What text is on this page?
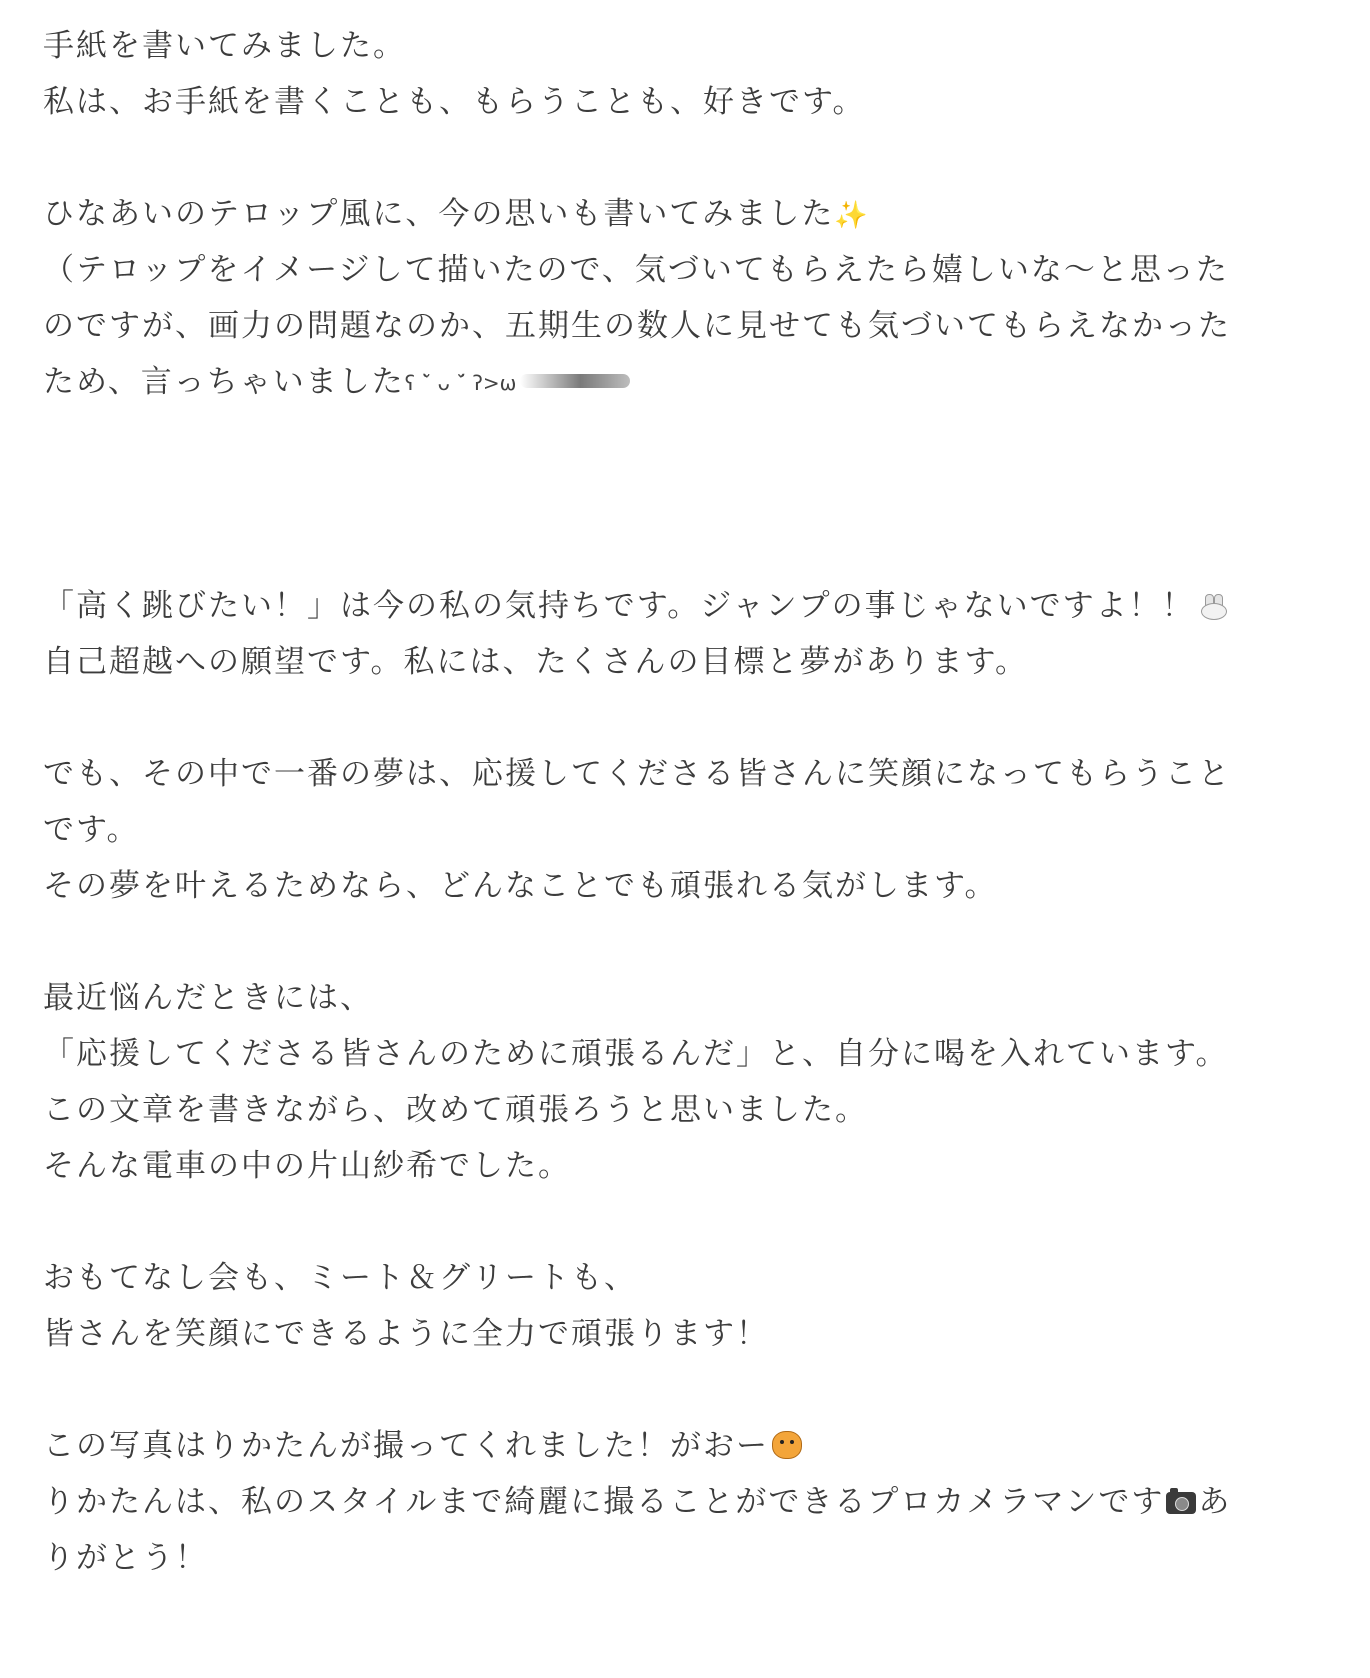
手紙を書いてみました。
私は、お手紙を書くことも、もらうことも、好きです。
ひなあいのテロップ風に、今の思いも書いてみました✨
（テロップをイメージして描いたので、気づいてもらえたら嬉しいな〜と思った
のですが、画力の問題なのか、五期生の数人に見せても気づいてもらえなかった
ため、言っちゃいましたʕ ˘̀ ᴗ ˘́ ʔ>ω
「高く跳びたい！」は今の私の気持ちです。ジャンプの事じゃないですよ！！
自己超越への願望です。私には、たくさんの目標と夢があります。
でも、その中で一番の夢は、応援してくださる皆さんに笑顔になってもらうこと
です。
その夢を叶えるためなら、どんなことでも頑張れる気がします。
最近悩んだときには、
「応援してくださる皆さんのために頑張るんだ」と、自分に喝を入れています。
この文章を書きながら、改めて頑張ろうと思いました。
そんな電車の中の片山紗希でした。
おもてなし会も、ミート＆グリートも、
皆さんを笑顔にできるように全力で頑張ります！
この写真はりかたんが撮ってくれました！がおー
りかたんは、私のスタイルまで綺麗に撮ることができるプロカメラマンです あ
りがとう！
